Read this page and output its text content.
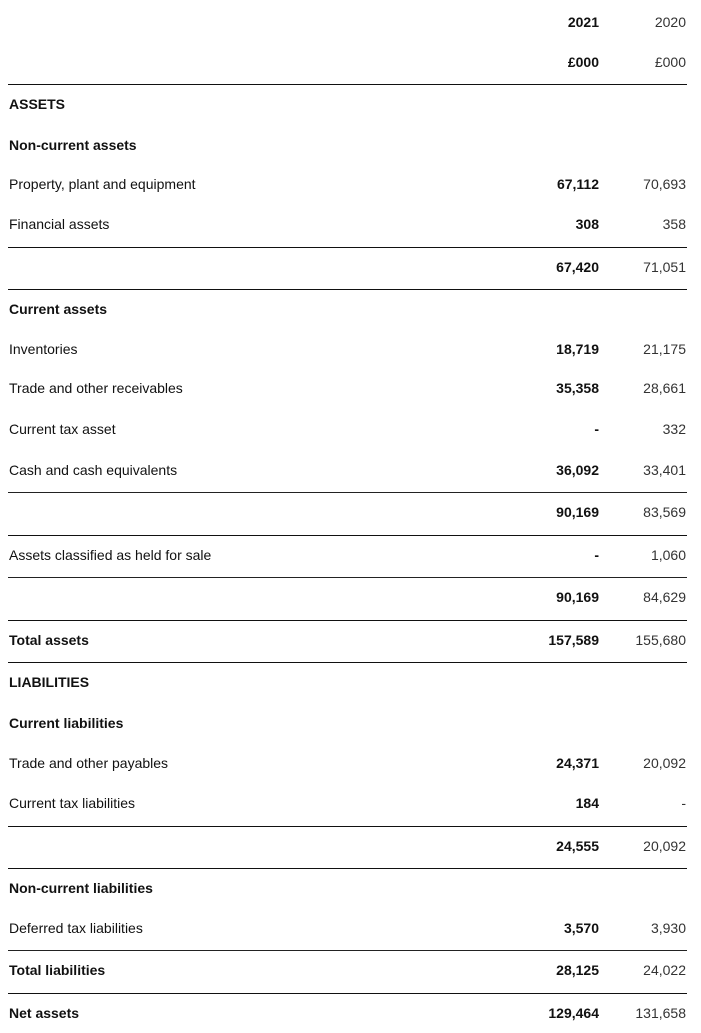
2021	2020
£000	£000
ASSETS
Non-current assets
Property, plant and equipment	67,112	70,693
Financial assets	308	358
67,420	71,051
Current assets
Inventories	18,719	21,175
Trade and other receivables	35,358	28,661
Current tax asset	-	332
Cash and cash equivalents	36,092	33,401
90,169	83,569
Assets classified as held for sale	-	1,060
90,169	84,629
Total assets	157,589	155,680
LIABILITIES
Current liabilities
Trade and other payables	24,371	20,092
Current tax liabilities	184	-
24,555	20,092
Non-current liabilities
Deferred tax liabilities	3,570	3,930
Total liabilities	28,125	24,022
Net assets	129,464	131,658
